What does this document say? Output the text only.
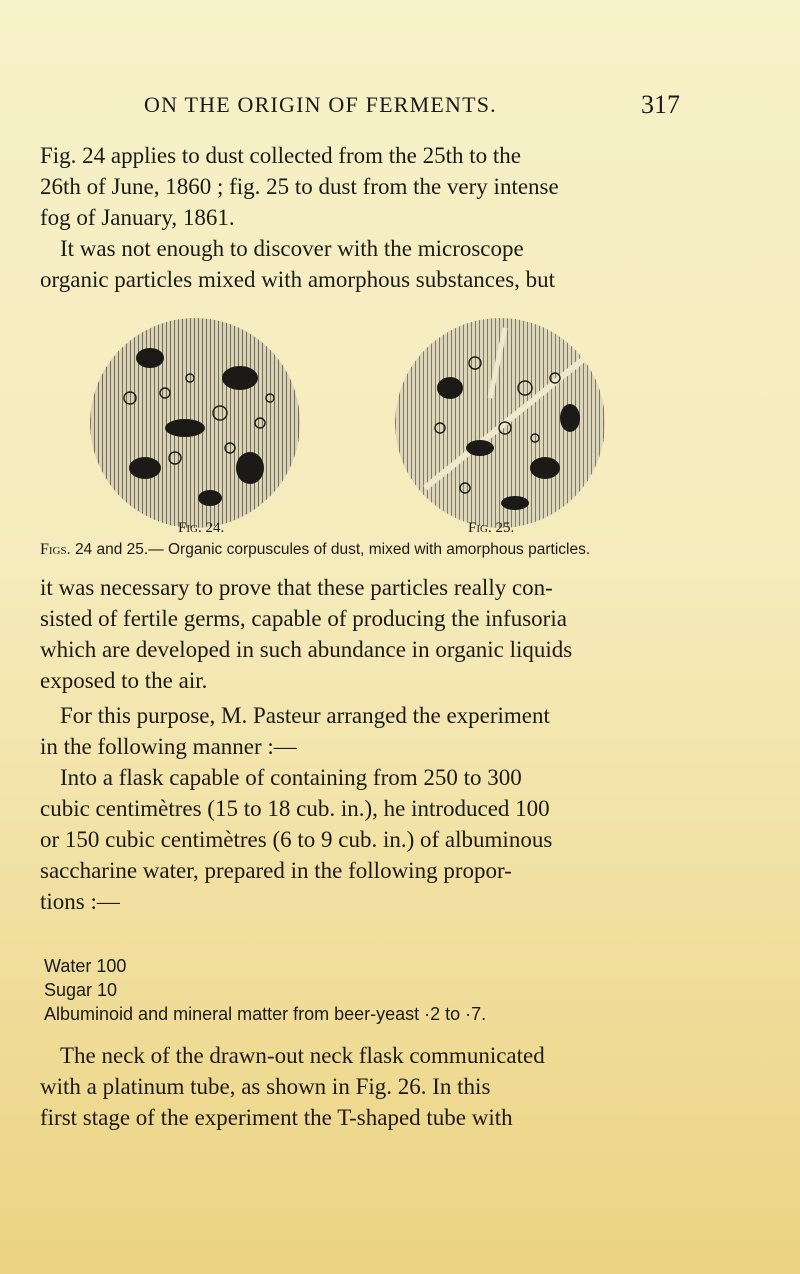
ON THE ORIGIN OF FERMENTS.	317

Fig. 24 applies to dust collected from the 25th to the
26th of June, 1860 ; fig. 25 to dust from the very intense
fog of January, 1861.

It was not enough to discover with the microscope
organic particles mixed with amorphous substances, but

Fig. 24.	Fig. 25.
Figs. 24 and 25.— Organic corpuscules of dust, mixed with amorphous particles.

it was necessary to prove that these particles really con-
sisted of fertile germs, capable of producing the infusoria
which are developed in such abundance in organic liquids
exposed to the air.

For this purpose, M. Pasteur arranged the experiment
in the following manner :—

Into a flask capable of containing from 250 to 300
cubic centimètres (15 to 18 cub. in.), he introduced 100
or 150 cubic centimètres (6 to 9 cub. in.) of albuminous
saccharine water, prepared in the following propor-
tions :—

Water 100
Sugar 10
Albuminoid and mineral matter from beer-yeast ·2 to ·7.

The neck of the drawn-out neck flask communicated
with a platinum tube, as shown in Fig. 26. In this
first stage of the experiment the T-shaped tube with
